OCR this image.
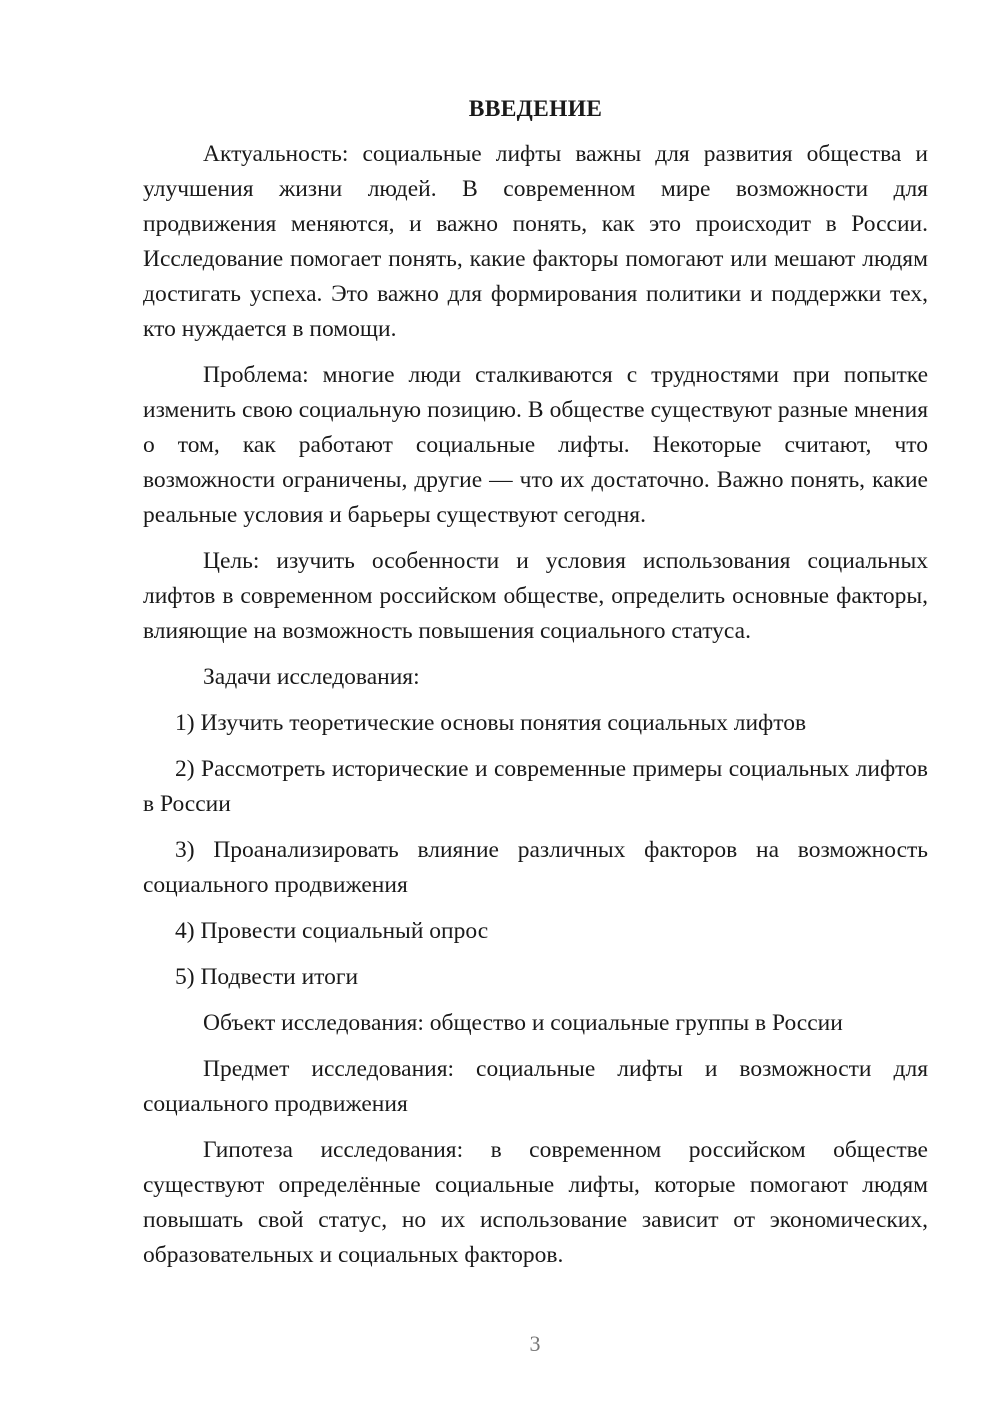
ВВЕДЕНИЕ

Актуальность: социальные лифты важны для развития общества и улучшения жизни людей. В современном мире возможности для продвижения меняются, и важно понять, как это происходит в России. Исследование помогает понять, какие факторы помогают или мешают людям достигать успеха. Это важно для формирования политики и поддержки тех, кто нуждается в помощи.

Проблема: многие люди сталкиваются с трудностями при попытке изменить свою социальную позицию. В обществе существуют разные мнения о том, как работают социальные лифты. Некоторые считают, что возможности ограничены, другие — что их достаточно. Важно понять, какие реальные условия и барьеры существуют сегодня.

Цель: изучить особенности и условия использования социальных лифтов в современном российском обществе, определить основные факторы, влияющие на возможность повышения социального статуса.

Задачи исследования:

1) Изучить теоретические основы понятия социальных лифтов

2) Рассмотреть исторические и современные примеры социальных лифтов в России

3) Проанализировать влияние различных факторов на возможность социального продвижения

4) Провести социальный опрос

5) Подвести итоги

Объект исследования: общество и социальные группы в России

Предмет исследования: социальные лифты и возможности для социального продвижения

Гипотеза исследования: в современном российском обществе существуют определённые социальные лифты, которые помогают людям повышать свой статус, но их использование зависит от экономических, образовательных и социальных факторов.

3
